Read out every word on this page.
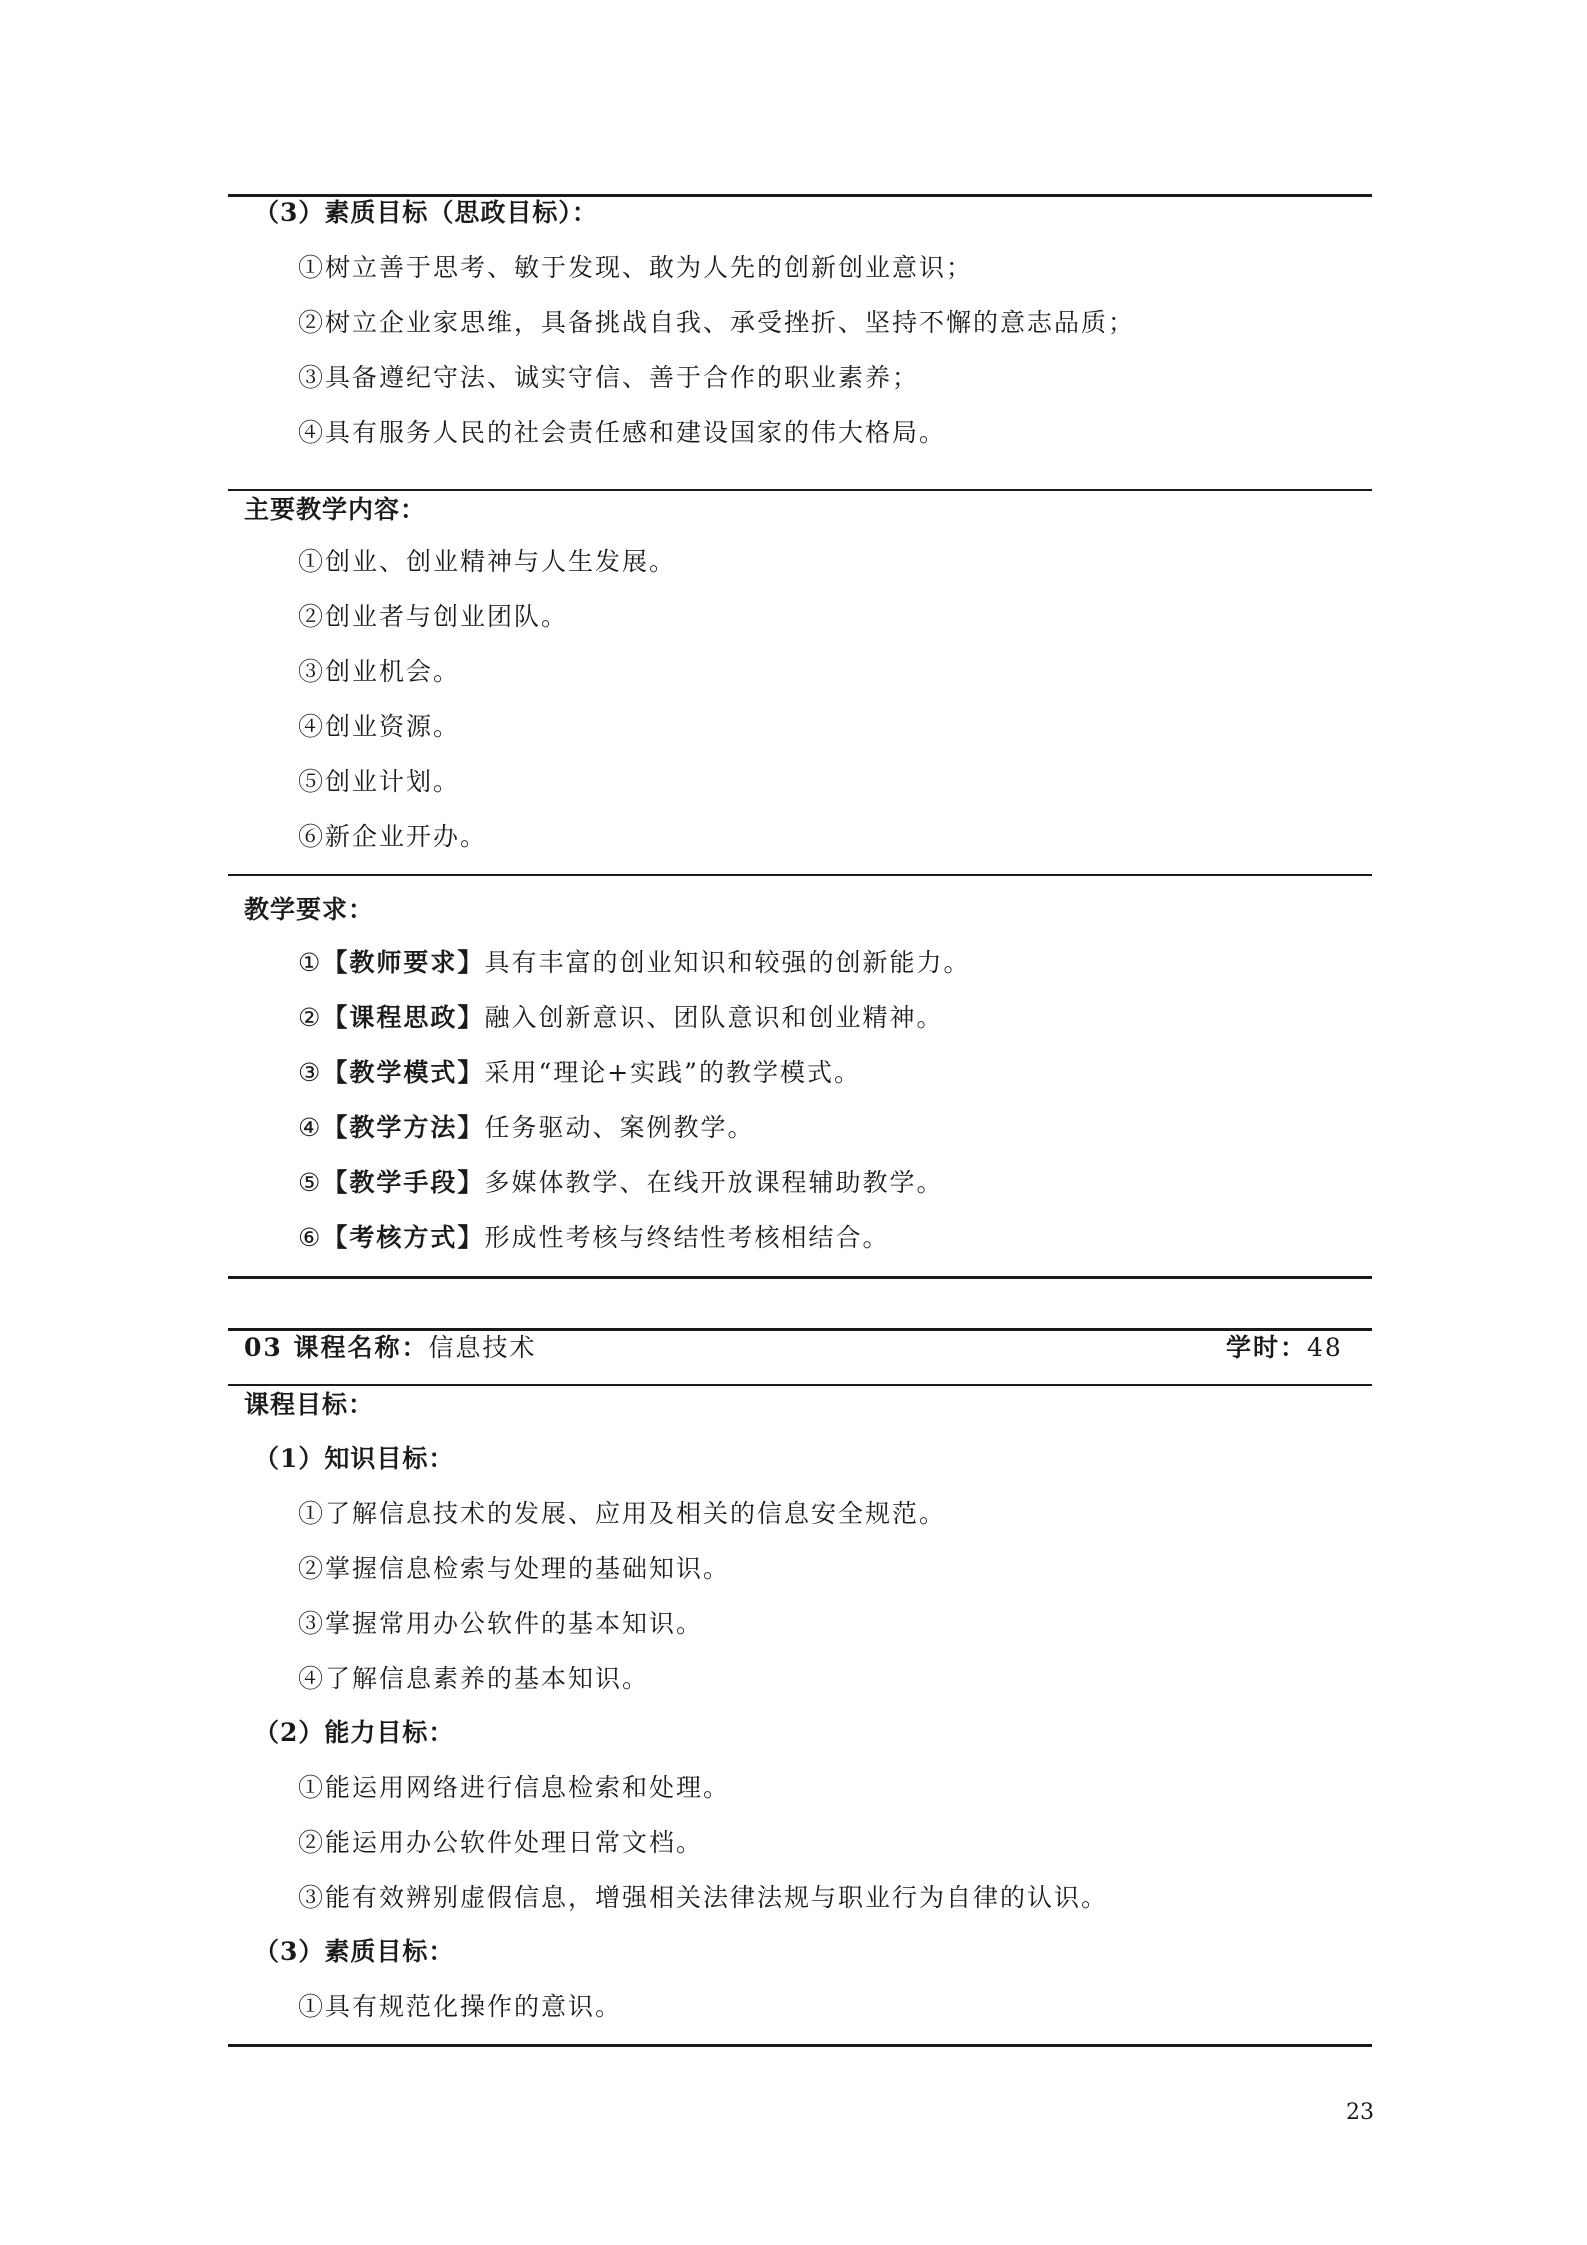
（3）素质目标（思政目标）：
①树立善于思考、敏于发现、敢为人先的创新创业意识；
②树立企业家思维，具备挑战自我、承受挫折、坚持不懈的意志品质；
③具备遵纪守法、诚实守信、善于合作的职业素养；
④具有服务人民的社会责任感和建设国家的伟大格局。
主要教学内容：
①创业、创业精神与人生发展。
②创业者与创业团队。
③创业机会。
④创业资源。
⑤创业计划。
⑥新企业开办。
教学要求：
①【教师要求】具有丰富的创业知识和较强的创新能力。
②【课程思政】融入创新意识、团队意识和创业精神。
③【教学模式】采用“理论+实践”的教学模式。
④【教学方法】任务驱动、案例教学。
⑤【教学手段】多媒体教学、在线开放课程辅助教学。
⑥【考核方式】形成性考核与终结性考核相结合。
03 课程名称：信息技术	学时：48
课程目标：
（1）知识目标：
①了解信息技术的发展、应用及相关的信息安全规范。
②掌握信息检索与处理的基础知识。
③掌握常用办公软件的基本知识。
④了解信息素养的基本知识。
（2）能力目标：
①能运用网络进行信息检索和处理。
②能运用办公软件处理日常文档。
③能有效辨别虚假信息，增强相关法律法规与职业行为自律的认识。
（3）素质目标：
①具有规范化操作的意识。
23
